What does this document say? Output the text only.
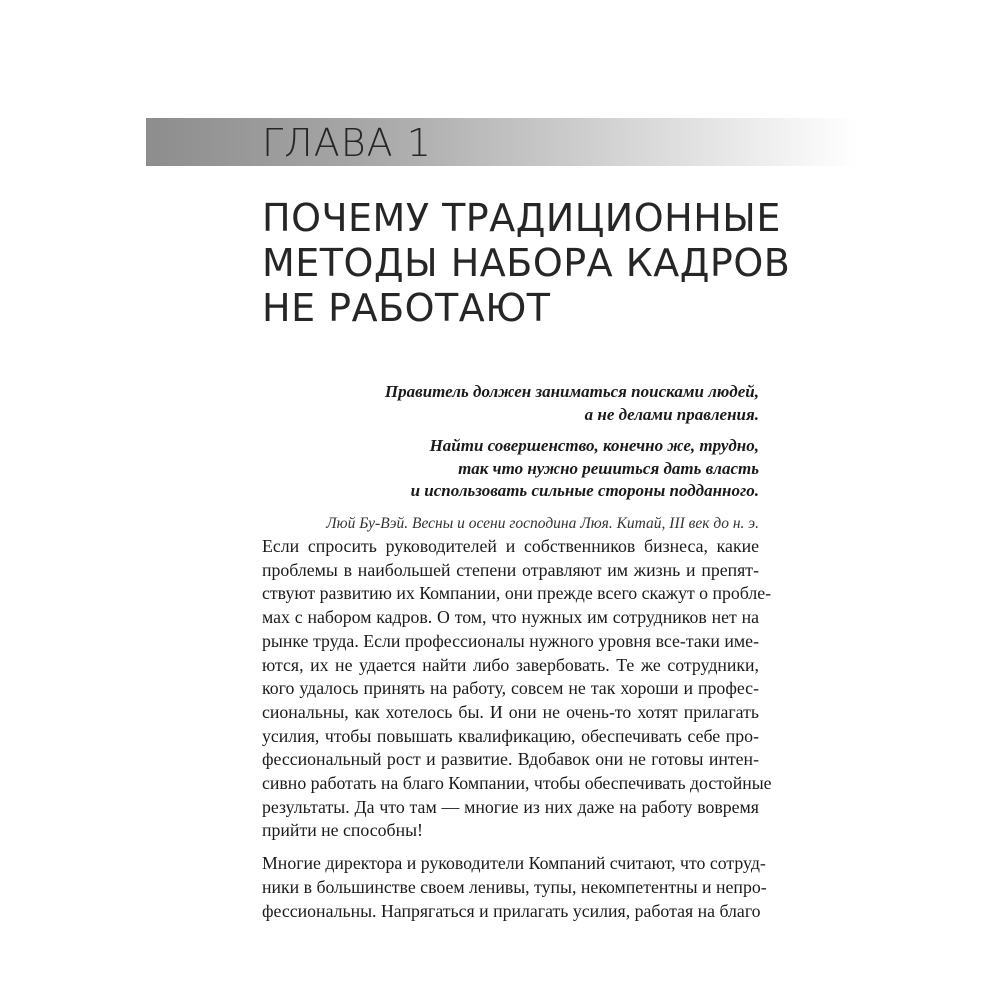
ГЛАВА 1
ПОЧЕМУ ТРАДИЦИОННЫЕ
МЕТОДЫ НАБОРА КАДРОВ
НЕ РАБОТАЮТ
Правитель должен заниматься поисками людей,
а не делами правления.
Найти совершенство, конечно же, трудно,
так что нужно решиться дать власть
и использовать сильные стороны подданного.
Люй Бу-Вэй. Весны и осени господина Люя. Китай, III век до н. э.
Если спросить руководителей и собственников бизнеса, какие
проблемы в наибольшей степени отравляют им жизнь и препят-
ствуют развитию их Компании, они прежде всего скажут о пробле-
мах с набором кадров. О том, что нужных им сотрудников нет на
рынке труда. Если профессионалы нужного уровня все-таки име-
ются, их не удается найти либо завербовать. Те же сотрудники,
кого удалось принять на работу, совсем не так хороши и профес-
сиональны, как хотелось бы. И они не очень-то хотят прилагать
усилия, чтобы повышать квалификацию, обеспечивать себе про-
фессиональный рост и развитие. Вдобавок они не готовы интен-
сивно работать на благо Компании, чтобы обеспечивать достойные
результаты. Да что там — многие из них даже на работу вовремя
прийти не способны!
Многие директора и руководители Компаний считают, что сотруд-
ники в большинстве своем ленивы, тупы, некомпетентны и непро-
фессиональны. Напрягаться и прилагать усилия, работая на благо
